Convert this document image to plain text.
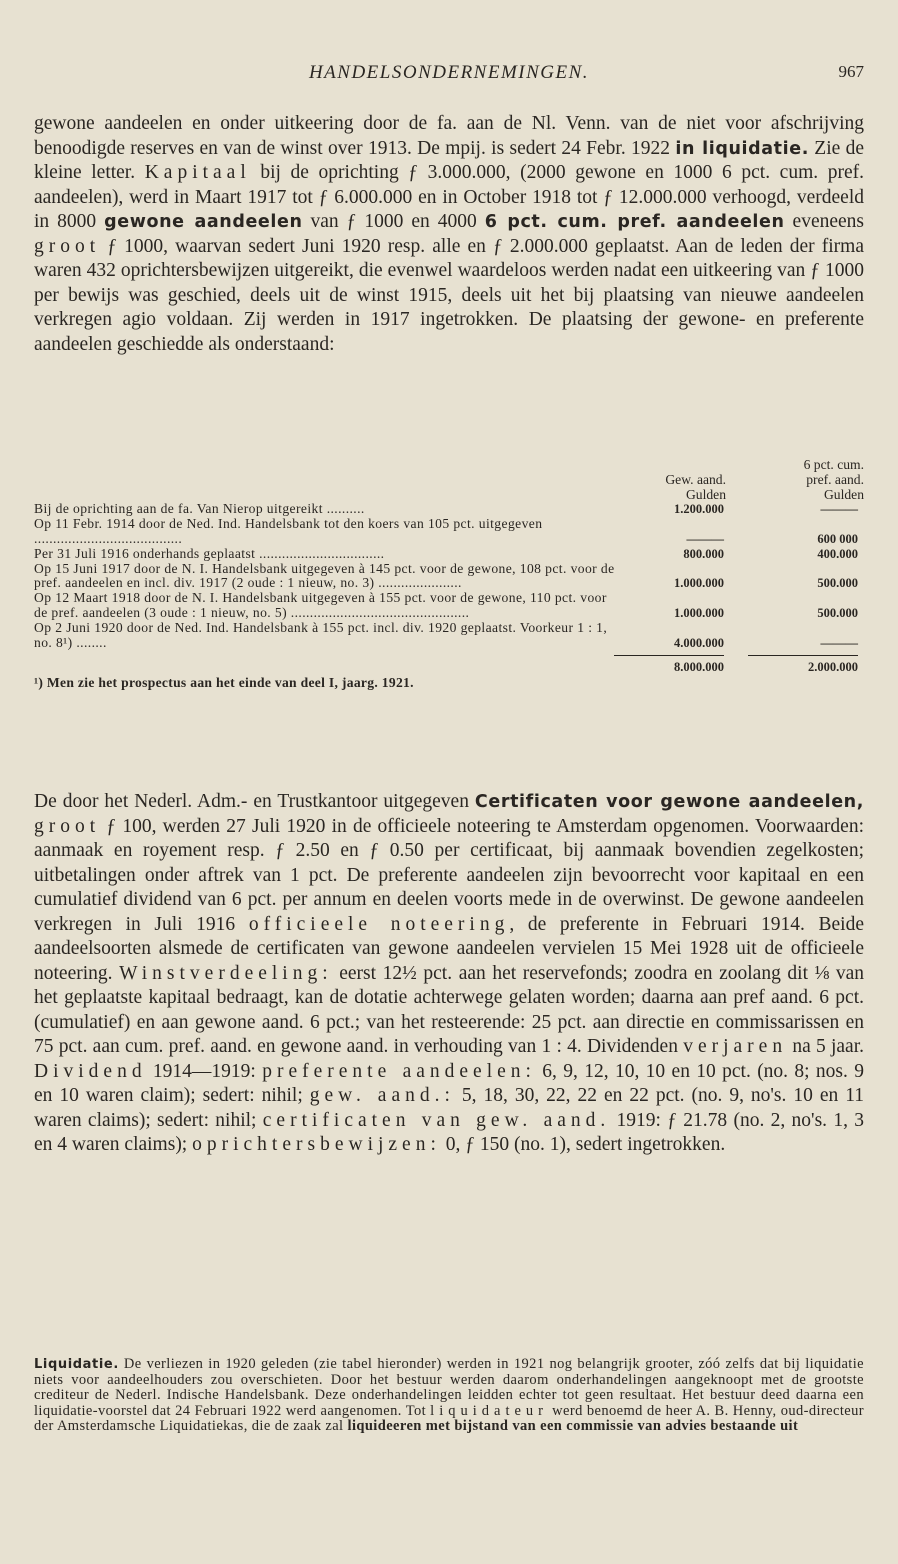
HANDELSONDERNEMINGEN.	967
gewone aandeelen en onder uitkeering door de fa. aan de Nl. Venn. van de niet voor afschrijving benoodigde reserves en van de winst over 1913. De mpij. is sedert 24 Febr. 1922 in liquidatie. Zie de kleine letter. Kapitaal bij de oprichting ƒ 3.000.000, (2000 gewone en 1000 6 pct. cum. pref. aandeelen), werd in Maart 1917 tot ƒ 6.000.000 en in October 1918 tot ƒ 12.000.000 verhoogd, verdeeld in 8000 gewone aandeelen van ƒ 1000 en 4000 6 pct. cum. pref. aandeelen eveneens groot ƒ 1000, waarvan sedert Juni 1920 resp. alle en ƒ 2.000.000 geplaatst. Aan de leden der firma waren 432 oprichtersbewijzen uitgereikt, die evenwel waardeloos werden nadat een uitkeering van ƒ 1000 per bewijs was geschied, deels uit de winst 1915, deels uit het bij plaatsing van nieuwe aandeelen verkregen agio voldaan. Zij werden in 1917 ingetrokken. De plaatsing der gewone- en preferente aandeelen geschiedde als onderstaand:
6 pct. cum.
Gew. aand.	pref. aand.
Gulden	Gulden
Bij de oprichting aan de fa. Van Nierop uitgereikt ..........	1.200.000	———
Op 11 Febr. 1914 door de Ned. Ind. Handelsbank tot den koers van 105 pct. uitgegeven .......................................	———	600 000
Per 31 Juli 1916 onderhands geplaatst .................................	800.000	400.000
Op 15 Juni 1917 door de N. I. Handelsbank uitgegeven à 145 pct. voor de gewone, 108 pct. voor de pref. aandeelen en incl. div. 1917 (2 oude : 1 nieuw, no. 3) ......................	1.000.000	500.000
Op 12 Maart 1918 door de N. I. Handelsbank uitgegeven à 155 pct. voor de gewone, 110 pct. voor de pref. aandeelen (3 oude : 1 nieuw, no. 5) ...............................................	1.000.000	500.000
Op 2 Juni 1920 door de Ned. Ind. Handelsbank à 155 pct. incl. div. 1920 geplaatst. Voorkeur 1 : 1, no. 8¹) ........	4.000.000	———
8.000.000	2.000.000
¹) Men zie het prospectus aan het einde van deel I, jaarg. 1921.
De door het Nederl. Adm.- en Trustkantoor uitgegeven Certificaten voor gewone aandeelen, groot ƒ 100, werden 27 Juli 1920 in de officieele noteering te Amsterdam opgenomen. Voorwaarden: aanmaak en royement resp. ƒ 2.50 en ƒ 0.50 per certificaat, bij aanmaak bovendien zegelkosten; uitbetalingen onder aftrek van 1 pct. De preferente aandeelen zijn bevoorrecht voor kapitaal en een cumulatief dividend van 6 pct. per annum en deelen voorts mede in de overwinst. De gewone aandeelen verkregen in Juli 1916 officieele noteering, de preferente in Februari 1914. Beide aandeelsoorten alsmede de certificaten van gewone aandeelen vervielen 15 Mei 1928 uit de officieele noteering. Winstverdeeling: eerst 12½ pct. aan het reservefonds; zoodra en zoolang dit ⅛ van het geplaatste kapitaal bedraagt, kan de dotatie achterwege gelaten worden; daarna aan pref aand. 6 pct. (cumulatief) en aan gewone aand. 6 pct.; van het resteerende: 25 pct. aan directie en commissarissen en 75 pct. aan cum. pref. aand. en gewone aand. in verhouding van 1 : 4. Dividenden verjaren na 5 jaar. Dividend 1914—1919: preferente aandeelen: 6, 9, 12, 10, 10 en 10 pct. (no. 8; nos. 9 en 10 waren claim); sedert: nihil; gew. aand.: 5, 18, 30, 22, 22 en 22 pct. (no. 9, no's. 10 en 11 waren claims); sedert: nihil; certificaten van gew. aand. 1919: ƒ 21.78 (no. 2, no's. 1, 3 en 4 waren claims); oprichtersbewijzen: 0, ƒ 150 (no. 1), sedert ingetrokken.
Liquidatie. De verliezen in 1920 geleden (zie tabel hieronder) werden in 1921 nog belangrijk grooter, zóó zelfs dat bij liquidatie niets voor aandeelhouders zou overschieten. Door het bestuur werden daarom onderhandelingen aangeknoopt met de grootste crediteur de Nederl. Indische Handelsbank. Deze onderhandelingen leidden echter tot geen resultaat. Het bestuur deed daarna een liquidatie-voorstel dat 24 Februari 1922 werd aangenomen. Tot liquidateur werd benoemd de heer A. B. Henny, oud-directeur der Amsterdamsche Liquidatiekas, die de zaak zal liquideeren met bijstand van een commissie van advies bestaande uit
